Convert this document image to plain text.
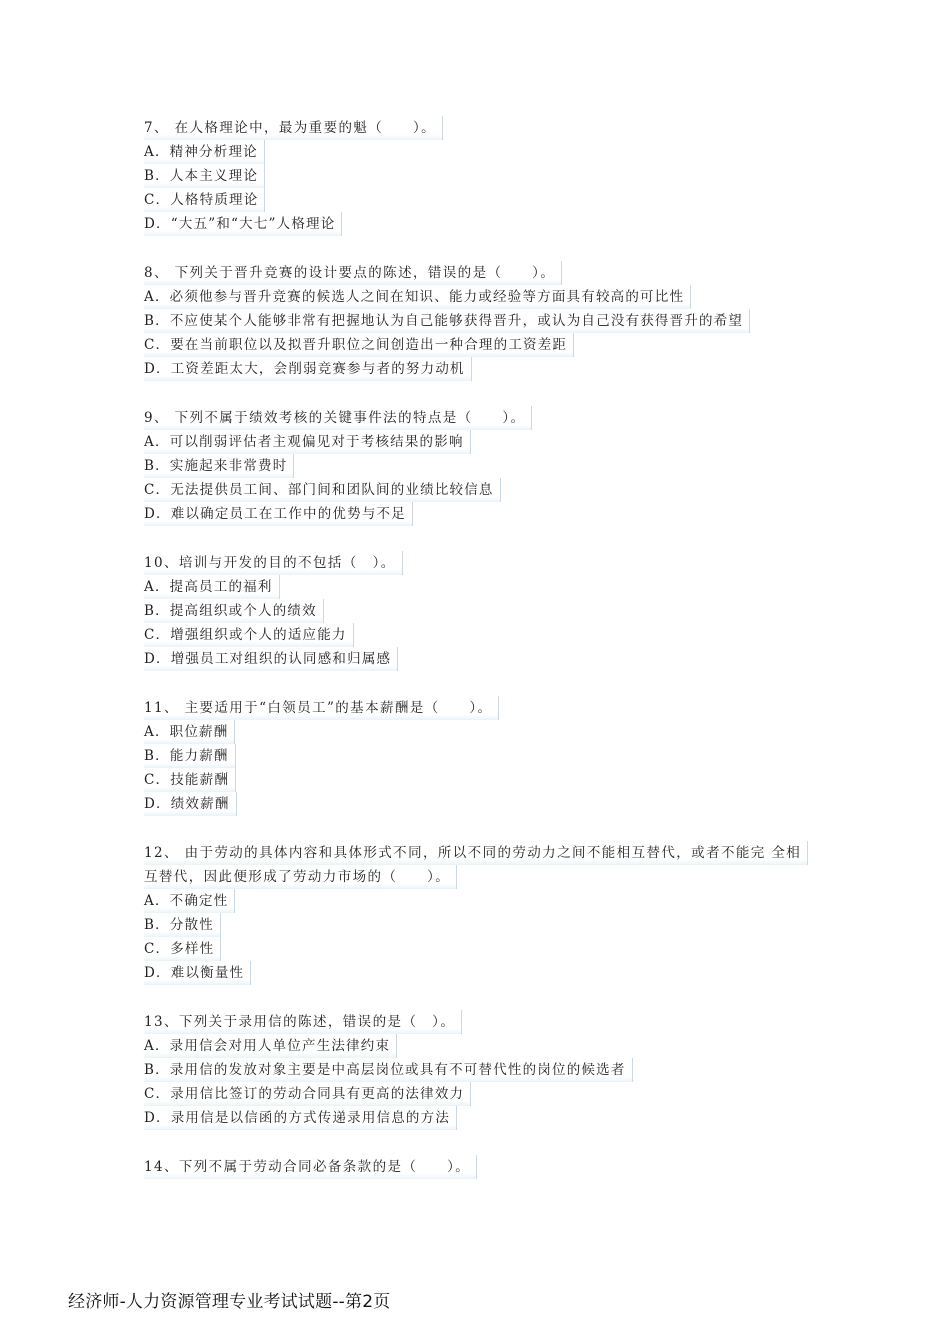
7、 在人格理论中，最为重要的魁（　　）。
A．精神分析理论
B．人本主义理论
C．人格特质理论
D．“大五”和“大七”人格理论
8、 下列关于晋升竞赛的设计要点的陈述，错误的是（　　）。
A．必须他参与晋升竞赛的候选人之间在知识、能力或经验等方面具有较高的可比性
B．不应使某个人能够非常有把握地认为自己能够获得晋升，或认为自己没有获得晋升的希望
C．要在当前职位以及拟晋升职位之间创造出一种合理的工资差距
D．工资差距太大，会削弱竞赛参与者的努力动机
9、 下列不属于绩效考核的关键事件法的特点是（　　）。
A．可以削弱评估者主观偏见对于考核结果的影响
B．实施起来非常费时
C．无法提供员工间、部门间和团队间的业绩比较信息
D．难以确定员工在工作中的优势与不足
10、培训与开发的目的不包括（　）。
A．提高员工的福利
B．提高组织或个人的绩效
C．增强组织或个人的适应能力
D．增强员工对组织的认同感和归属感
11、 主要适用于“白领员工”的基本薪酬是（　　）。
A．职位薪酬
B．能力薪酬
C．技能薪酬
D．绩效薪酬
12、 由于劳动的具体内容和具体形式不同，所以不同的劳动力之间不能相互替代，或者不能完 全相
互替代，因此便形成了劳动力市场的（　　）。
A．不确定性
B．分散性
C．多样性
D．难以衡量性
13、下列关于录用信的陈述，错误的是（　）。
A．录用信会对用人单位产生法律约束
B．录用信的发放对象主要是中高层岗位或具有不可替代性的岗位的候选者
C．录用信比签订的劳动合同具有更高的法律效力
D．录用信是以信函的方式传递录用信息的方法
14、下列不属于劳动合同必备条款的是（　　）。
经济师-人力资源管理专业考试试题--第2页
